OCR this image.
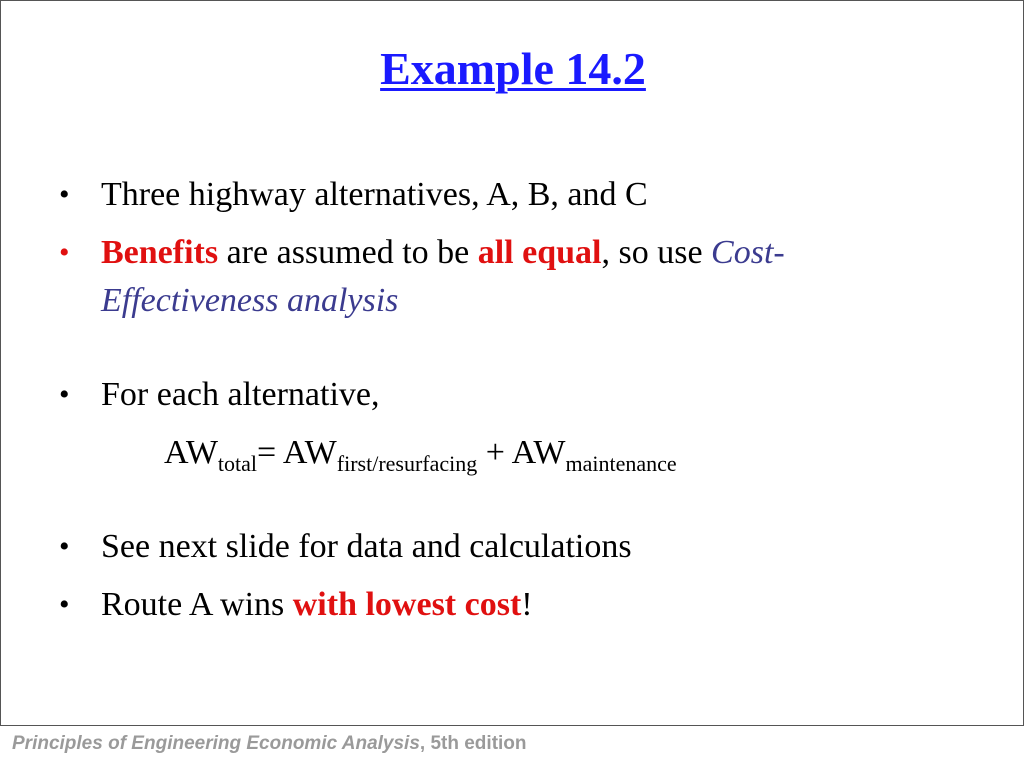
Example 14.2
• Three highway alternatives, A, B, and C
• Benefits are assumed to be all equal, so use Cost-
Effectiveness analysis
• For each alternative,
$AW_{total}= AW_{first/resurfacing} + AW_{maintenance}$
• See next slide for data and calculations
• Route A wins with lowest cost!
Principles of Engineering Economic Analysis, 5th edition
